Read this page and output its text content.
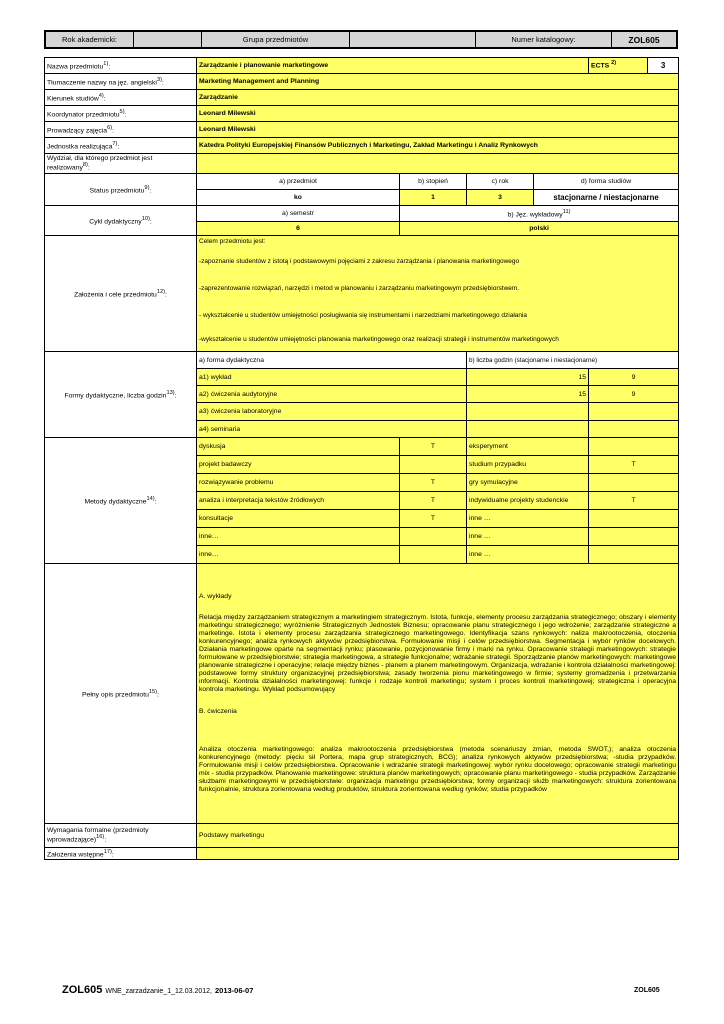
Rok akademicki:	Grupa przedmiotów	Numer katalogowy:	ZOL605
Nazwa przedmiotu$^{1)}$:	Zarządzanie i planowanie marketingowe				ECTS $^{2)}$ 3

Tłumaczenie nazwy na jęz. angielski$^{3)}$:	Marketing Management and Planning				
Kierunek studiów$^{4)}$:	Zarządzanie				
Koordynator przedmiotu$^{5)}$:	Leonard Milewski				
Prowadzący zajęcia$^{6)}$:	Leonard Milewski				
Jednostka realizująca$^{7)}$:	Katedra Polityki Europejskiej Finansów Publicznych i Marketingu, Zakład Marketingu i Analiz Rynkowych				
Wydział, dla którego przedmiot jest realizowany$^{8)}$:					
Status przedmiotu$^{9)}$:	a) przedmiot	b) stopień	c) rok	d) forma studiów	
	ko	1	3	stacjonarne / niestacjonarne	
Cykl dydaktyczny$^{10)}$:	a) semestr	b) Jęz. wykładowy$^{11)}$
	6	polski			
Założenia i cele przedmiotu$^{12)}$:	Celem przedmiotu jest:
-zapoznanie studentów z istotą i podstawowymi pojęciami z zakresu zarządzania i planowania marketingowego
-zaprezentowanie rozwiązań, narzędzi i metod w planowaniu i zarządzaniu marketingowym przedsiębiorstwem.
- wykształcenie u studentów umiejętności posługiwania się instrumentami i narzedziami marketingowego działania
-wykształcenie u studentów umiejętności planowania marketingowego oraz realizacji strategii i instrumentów marketingowych				

Formy dydaktyczne, liczba godzin$^{13)}$:	a) forma dydaktyczna		b) liczba godzin (stacjonarne i niestacjonarne)		
	a1) wykład		15		9
	a2) ćwiczenia audytoryjne		15		9
	a3) ćwiczenia laboratoryjne				
	a4) seminaria				
Metody dydaktyczne$^{14)}$:	dyskusja	T	eksperyment		
	projekt badawczy		studium przypadku		T
	rozwiązywanie problemu	T	gry symulacyjne		
	analiza i interpretacja tekstów źródłowych	T	indywidualne projekty studenckie		T
	konsultacje	T	inne …		
	inne…		inne …		
	inne…		inne …		
Pełny opis przedmiotu$^{15)}$:	A. wykłady
Relacja między zarządzaniem strategicznym a marketingiem strategicznym. Istota, funkcje, elementy procesu zarządzania strategicznego; obszary i elementy marketingu strategicznego; wyróżnienie Strategicznych Jednostek Biznesu; opracowanie planu strategicznego i jego wdrożenie; zarządzanie strategiczne a marketinge. Istota i elementy procesu zarządzania strategicznego marketingowego. Identyfikacja szans rynkowych: naliza makrootoczenia, otoczenia konkurencyjnego; analiza rynkowych aktywów przedsiębiorstwa. Formułowanie misji i celów przedsiębiorstwa. Segmentacja i wybór rynków docelowych. Działania marketingowe oparte na segmentacji rynku; plasowanie, pozycjonowanie firmy i marki na rynku. Opracowanie strategii marketingowych: strategie formułowane w przedsiębiorstwie; strategia marketingowa, a strategie funkcjonalne; wdrażanie strategii. Sporządzanie planów marketingowych: marketingowe planowanie strategiczne i operacyjne; relacje między biznes - planem a planem marketingowym. Organizacja, wdrażanie i kontrola działalności marketingowej: podstawowe formy struktury organizacyjnej przedsiębiorstwa; zasady tworzenia pionu marketingowego w firmie; systemy gromadzenia i przetwarzania informacji. Kontrola działalności marketingowej: funkcje i rodzaje kontroli marketingu; system i proces kontroli marketingowej; strategiczna i operacyjna kontrola marketingu. Wykład podsumowujący
B. ćwiczenia
Analiza otoczenia marketingowego: analiza makrootoczenia przedsiębiorstwa (metoda scenariuszy zmian, metoda SWOT,); analiza otoczenia konkurencyjnego (metody: pięciu sił Portera, mapa grup strategicznych, BCG); analiza rynkowych aktywów przedsiębiorstwa; -studia przypadków. Formułowanie misji i celów przedsiębiorstwa. Opracowanie i wdrażanie strategii marketingowej: wybór rynku docelowego; opracowanie strategii marketingu mix - studia przypadków. Planowanie marketingowe: struktura planów marketingowych; opracowanie planu marketingowego - studia przypadków. Zarządzanie służbami marketingowymi w przedsiębiorstwie: organizacja marketingu przedsiębiorstwa; formy organizacji służb marketingowych: struktura zorientowana funkcjonalnie, struktura zorientowana według produktów, struktura zorientowana według rynków; studia przypadków				

Wymagania formalne (przedmioty wprowadzające)$^{16)}$:	Podstawy marketingu				
Założenia wstępne$^{17)}$:					
ZOL605 WNE_zarzadzanie_1_12.03.2012, 2013-06-07	ZOL605
